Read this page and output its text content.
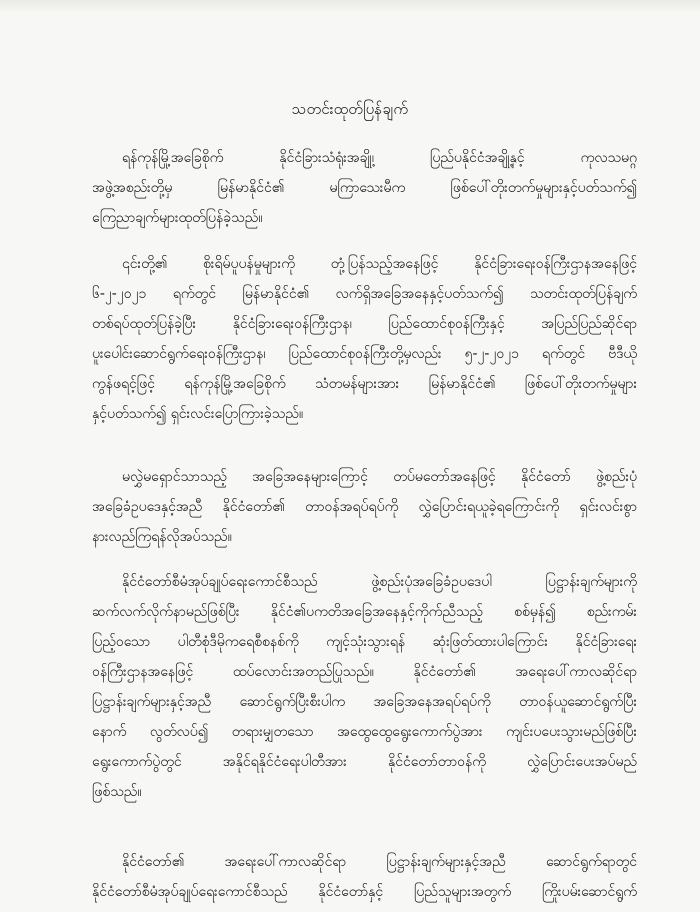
သတင်းထုတ်ပြန်ချက်
ရန်ကုန်မြို့အခြေစိုက် နိုင်ငံခြားသံရုံးအချို့၊ ပြည်ပနိုင်ငံအချို့နှင့် ကုလသမဂ္ဂ
အဖွဲ့အစည်းတို့မှ မြန်မာနိုင်ငံ၏ မကြာသေးမီက ဖြစ်ပေါ်တိုးတက်မှုများနှင့်ပတ်သက်၍
ကြေညာချက်များထုတ်ပြန်ခဲ့သည်။
၎င်းတို့၏ စိုးရိမ်ပူပန်မှုများကို တုံ့ပြန်သည့်အနေဖြင့် နိုင်ငံခြားရေးဝန်ကြီးဌာနအနေဖြင့်
၆-၂-၂၀၂၁ ရက်တွင် မြန်မာနိုင်ငံ၏ လက်ရှိအခြေအနေနှင့်ပတ်သက်၍ သတင်းထုတ်ပြန်ချက်
တစ်ရပ်ထုတ်ပြန်ခဲ့ပြီး နိုင်ငံခြားရေးဝန်ကြီးဌာန၊ ပြည်ထောင်စုဝန်ကြီးနှင့် အပြည်ပြည်ဆိုင်ရာ
ပူးပေါင်းဆောင်ရွက်ရေးဝန်ကြီးဌာန၊ ပြည်ထောင်စုဝန်ကြီးတို့မှလည်း ၅-၂-၂၀၂၁ ရက်တွင် ဗီဒီယို
ကွန်ဖရင့်ဖြင့် ရန်ကုန်မြို့အခြေစိုက် သံတမန်များအား မြန်မာနိုင်ငံ၏ ဖြစ်ပေါ်တိုးတက်မှုများ
နှင့်ပတ်သက်၍ ရှင်းလင်းပြောကြားခဲ့သည်။
မလွှဲမရှောင်သာသည့် အခြေအနေများကြောင့် တပ်မတော်အနေဖြင့် နိုင်ငံတော် ဖွဲ့စည်းပုံ
အခြေခံဥပဒေနှင့်အညီ နိုင်ငံတော်၏ တာဝန်အရပ်ရပ်ကို လွှဲပြောင်းရယူခဲ့ရကြောင်းကို ရှင်းလင်းစွာ
နားလည်ကြရန်လိုအပ်သည်။
နိုင်ငံတော်စီမံအုပ်ချုပ်ရေးကောင်စီသည် ဖွဲ့စည်းပုံအခြေခံဥပဒေပါ ပြဋ္ဌာန်းချက်များကို
ဆက်လက်လိုက်နာမည်ဖြစ်ပြီး နိုင်ငံ၏ပကတိအခြေအနေနှင့်ကိုက်ညီသည့် စစ်မှန်၍ စည်းကမ်း
ပြည့်ဝသော ပါတီစုံဒီမိုကရေစီစနစ်ကို ကျင့်သုံးသွားရန် ဆုံးဖြတ်ထားပါကြောင်း နိုင်ငံခြားရေး
ဝန်ကြီးဌာနအနေဖြင့် ထပ်လောင်းအတည်ပြုသည်။ နိုင်ငံတော်၏ အရေးပေါ်ကာလဆိုင်ရာ
ပြဋ္ဌာန်းချက်များနှင့်အညီ ဆောင်ရွက်ပြီးစီးပါက အခြေအနေအရပ်ရပ်ကို တာဝန်ယူဆောင်ရွက်ပြီး
နောက် လွတ်လပ်၍ တရားမျှတသော အထွေထွေရွေးကောက်ပွဲအား ကျင်းပပေးသွားမည်ဖြစ်ပြီး
ရွေးကောက်ပွဲတွင် အနိုင်ရနိုင်ငံရေးပါတီအား နိုင်ငံတော်တာဝန်ကို လွှဲပြောင်းပေးအပ်မည်
ဖြစ်သည်။
နိုင်ငံတော်၏ အရေးပေါ်ကာလဆိုင်ရာ ပြဋ္ဌာန်းချက်များနှင့်အညီ ဆောင်ရွက်ရာတွင်
နိုင်ငံတော်စီမံအုပ်ချုပ်ရေးကောင်စီသည် နိုင်ငံတော်နှင့် ပြည်သူများအတွက် ကြိုးပမ်းဆောင်ရွက်
